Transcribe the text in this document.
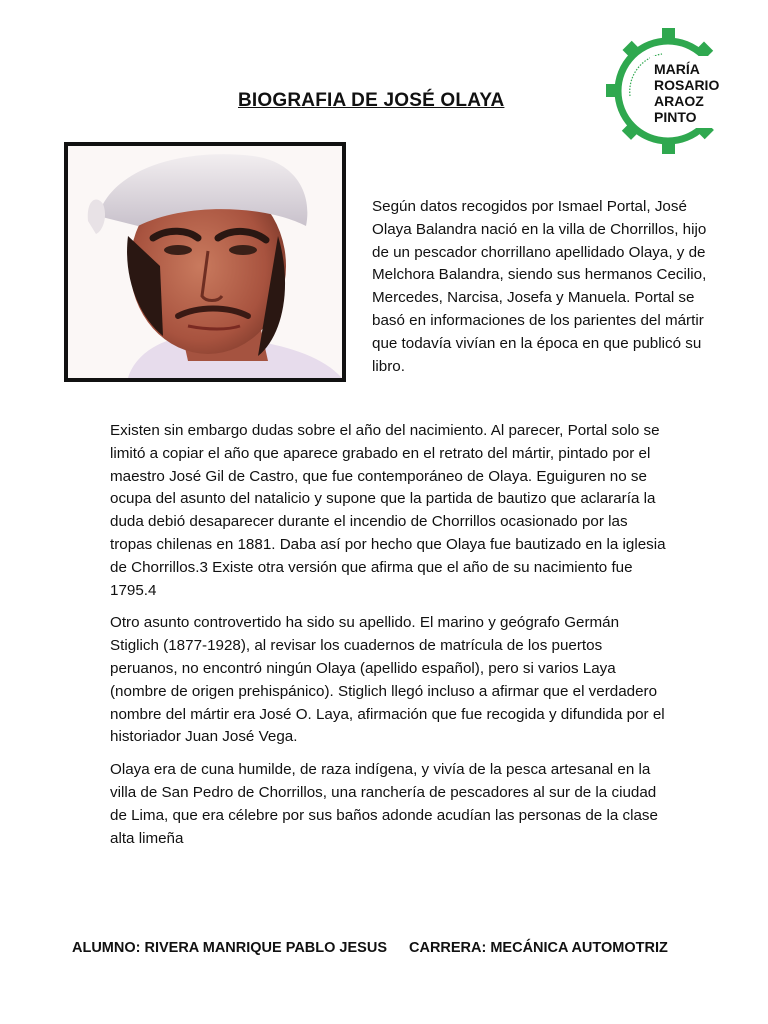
BIOGRAFIA DE JOSÉ OLAYA
MARÍA
ROSARIO
ARAOZ
PINTO

Según datos recogidos por Ismael Portal, José Olaya Balandra nació en la villa de Chorrillos, hijo de un pescador chorrillano apellidado Olaya, y de Melchora Balandra, siendo sus hermanos Cecilio, Mercedes, Narcisa, Josefa y Manuela. Portal se basó en informaciones de los parientes del mártir que todavía vivían en la época en que publicó su libro.

Existen sin embargo dudas sobre el año del nacimiento. Al parecer, Portal solo se limitó a copiar el año que aparece grabado en el retrato del mártir, pintado por el maestro José Gil de Castro, que fue contemporáneo de Olaya. Eguiguren no se ocupa del asunto del natalicio y supone que la partida de bautizo que aclararía la duda debió desaparecer durante el incendio de Chorrillos ocasionado por las tropas chilenas en 1881. Daba así por hecho que Olaya fue bautizado en la iglesia de Chorrillos.3 Existe otra versión que afirma que el año de su nacimiento fue 1795.4

Otro asunto controvertido ha sido su apellido. El marino y geógrafo Germán Stiglich (1877-1928), al revisar los cuadernos de matrícula de los puertos peruanos, no encontró ningún Olaya (apellido español), pero si varios Laya (nombre de origen prehispánico). Stiglich llegó incluso a afirmar que el verdadero nombre del mártir era José O. Laya, afirmación que fue recogida y difundida por el historiador Juan José Vega.

Olaya era de cuna humilde, de raza indígena, y vivía de la pesca artesanal en la villa de San Pedro de Chorrillos, una ranchería de pescadores al sur de la ciudad de Lima, que era célebre por sus baños adonde acudían las personas de la clase alta limeña

ALUMNO: RIVERA MANRIQUE PABLO JESUS CARRERA: MECÁNICA AUTOMOTRIZ
